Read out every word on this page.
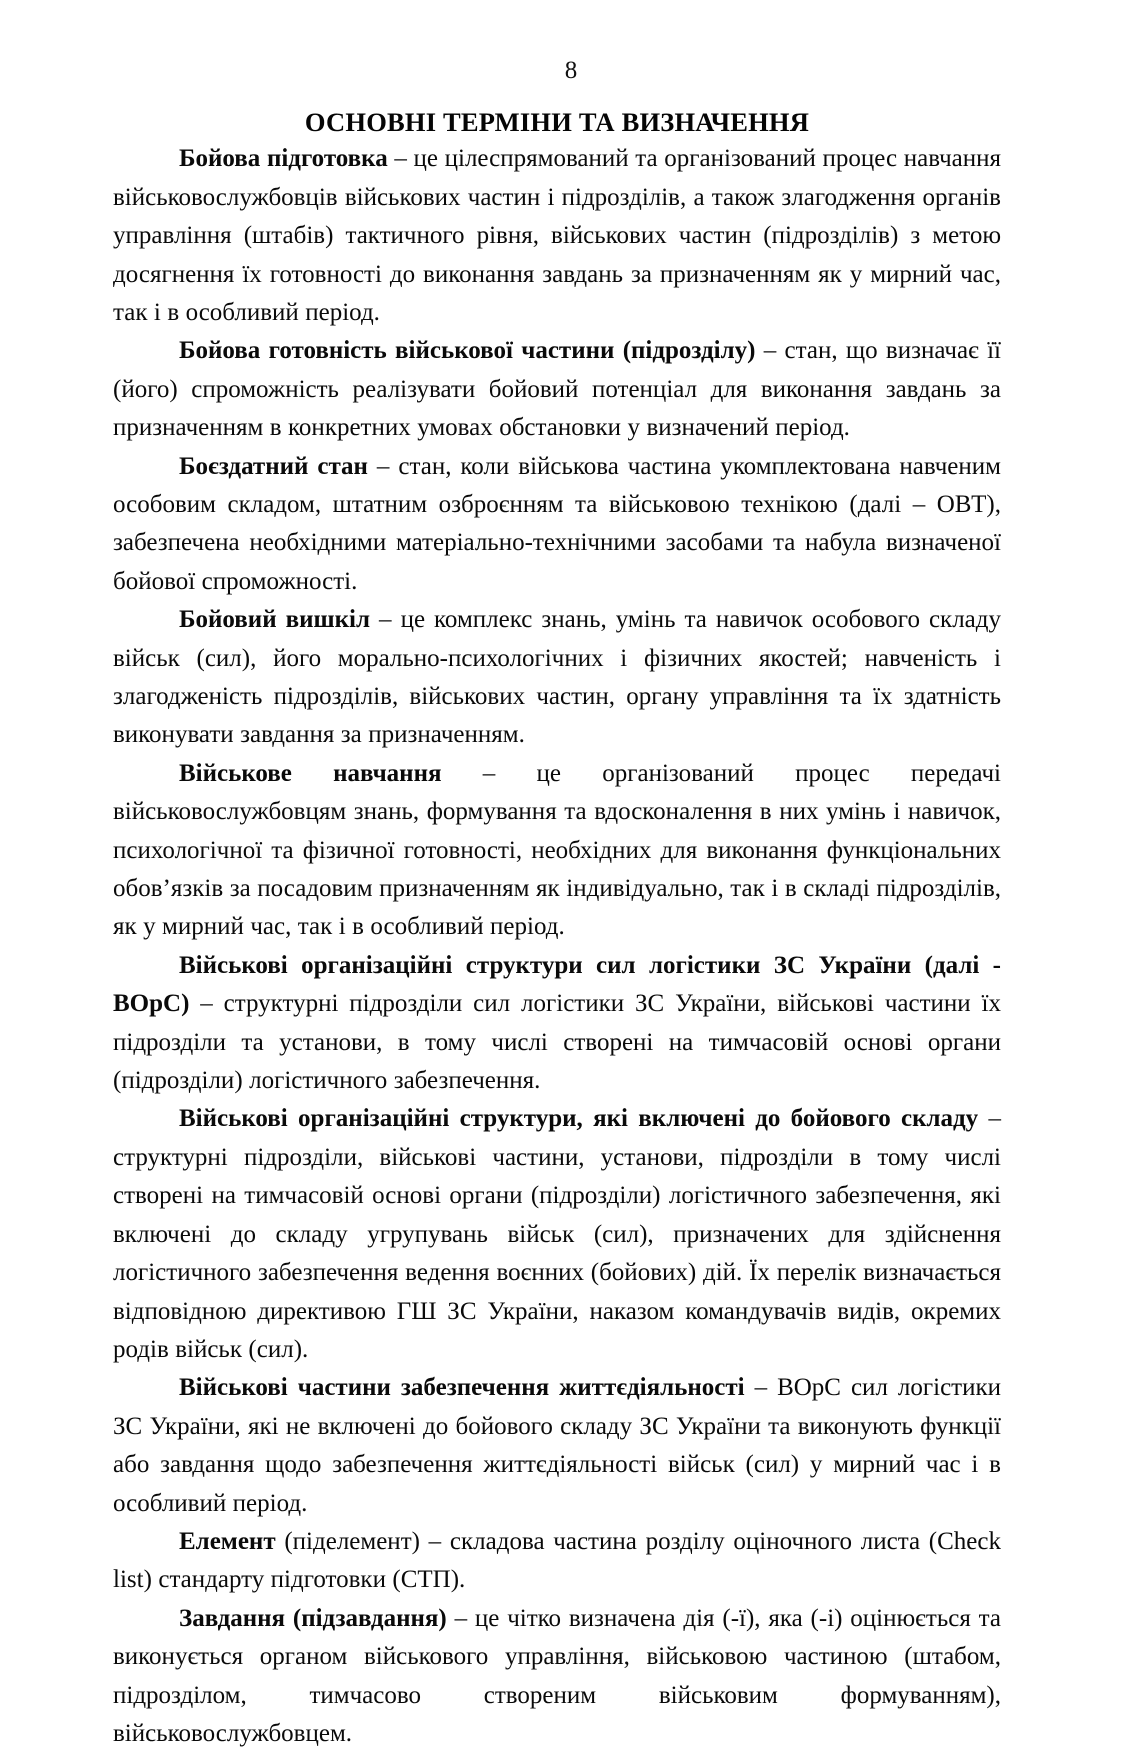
8
ОСНОВНІ ТЕРМІНИ ТА ВИЗНАЧЕННЯ

Бойова підготовка – це цілеспрямований та організований процес навчання військовослужбовців військових частин і підрозділів, а також злагодження органів управління (штабів) тактичного рівня, військових частин (підрозділів) з метою досягнення їх готовності до виконання завдань за призначенням як у мирний час, так і в особливий період.

Бойова готовність військової частини (підрозділу) – стан, що визначає її (його) спроможність реалізувати бойовий потенціал для виконання завдань за призначенням в конкретних умовах обстановки у визначений період.

Боєздатний стан – стан, коли військова частина укомплектована навченим особовим складом, штатним озброєнням та військовою технікою (далі – ОВТ), забезпечена необхідними матеріально-технічними засобами та набула визначеної бойової спроможності.

Бойовий вишкіл – це комплекс знань, умінь та навичок особового складу військ (сил), його морально-психологічних і фізичних якостей; навченість і злагодженість підрозділів, військових частин, органу управління та їх здатність виконувати завдання за призначенням.

Військове навчання – це організований процес передачі військовослужбовцям знань, формування та вдосконалення в них умінь і навичок, психологічної та фізичної готовності, необхідних для виконання функціональних обов’язків за посадовим призначенням як індивідуально, так і в складі підрозділів, як у мирний час, так і в особливий період.

Військові організаційні структури сил логістики ЗС України (далі - ВОрС) – структурні підрозділи сил логістики ЗС України, військові частини їх підрозділи та установи, в тому числі створені на тимчасовій основі органи (підрозділи) логістичного забезпечення.

Військові організаційні структури, які включені до бойового складу – структурні підрозділи, військові частини, установи, підрозділи в тому числі створені на тимчасовій основі органи (підрозділи) логістичного забезпечення, які включені до складу угрупувань військ (сил), призначених для здійснення логістичного забезпечення ведення воєнних (бойових) дій. Їх перелік визначається відповідною директивою ГШ ЗС України, наказом командувачів видів, окремих родів військ (сил).

Військові частини забезпечення життєдіяльності – ВОрС сил логістики ЗС України, які не включені до бойового складу ЗС України та виконують функції або завдання щодо забезпечення життєдіяльності військ (сил) у мирний час і в особливий період.

Елемент (піделемент) – складова частина розділу оціночного листа (Check list) стандарту підготовки (СТП).

Завдання (підзавдання) – це чітко визначена дія (-ї), яка (-і) оцінюється та виконується органом військового управління, військовою частиною (штабом, підрозділом, тимчасово створеним військовим формуванням), військовослужбовцем.
